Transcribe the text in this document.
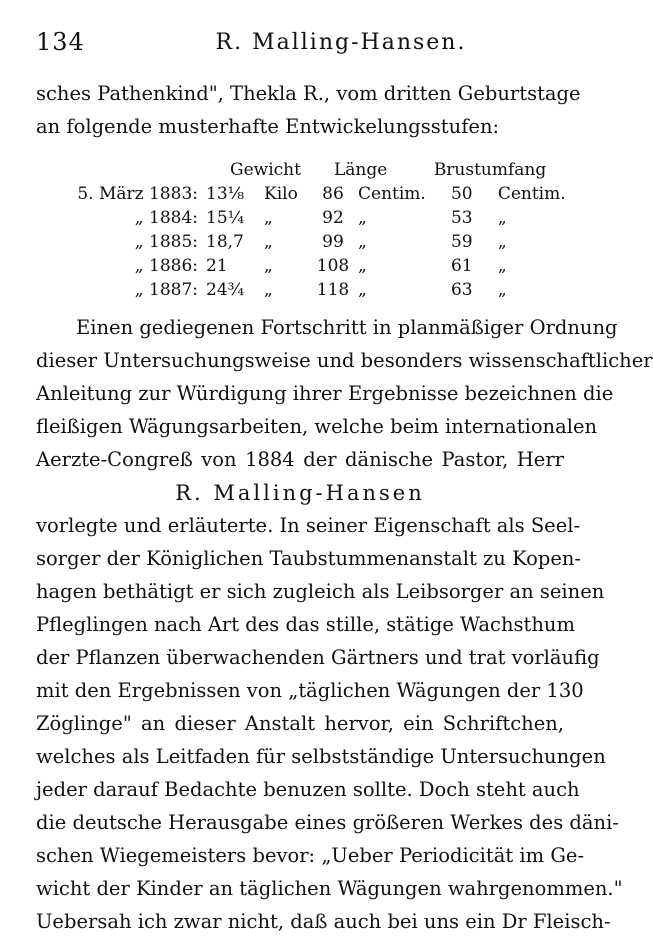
134	R. Malling-Hansen.
sches Pathenkind", Thekla R., vom dritten Geburtstage
an folgende musterhafte Entwickelungsstufen:
	Gewicht		Länge		Brustumfang	
5. März 1883:	13⅛	Kilo	86	Centim.	50	Centim.
„ 1884:	15¼	„	92	„	53	„
„ 1885:	18,7	„	99	„	59	„
„ 1886:	21	„	108	„	61	„
„ 1887:	24¾	„	118	„	63	„
Einen gediegenen Fortschritt in planmäßiger Ordnung
dieser Untersuchungsweise und besonders wissenschaftlicher
Anleitung zur Würdigung ihrer Ergebnisse bezeichnen die
fleißigen Wägungsarbeiten, welche beim internationalen
Aerzte-Congreß von 1884 der dänische Pastor, Herr
R. Malling-Hansen
vorlegte und erläuterte. In seiner Eigenschaft als Seel-
sorger der Königlichen Taubstummenanstalt zu Kopen-
hagen bethätigt er sich zugleich als Leibsorger an seinen
Pfleglingen nach Art des das stille, stätige Wachsthum
der Pflanzen überwachenden Gärtners und trat vorläufig
mit den Ergebnissen von „täglichen Wägungen der 130
Zöglinge" an dieser Anstalt hervor, ein Schriftchen,
welches als Leitfaden für selbstständige Untersuchungen
jeder darauf Bedachte benuzen sollte. Doch steht auch
die deutsche Herausgabe eines größeren Werkes des däni-
schen Wiegemeisters bevor: „Ueber Periodicität im Ge-
wicht der Kinder an täglichen Wägungen wahrgenommen."
Uebersah ich zwar nicht, daß auch bei uns ein Dr Fleisch-
